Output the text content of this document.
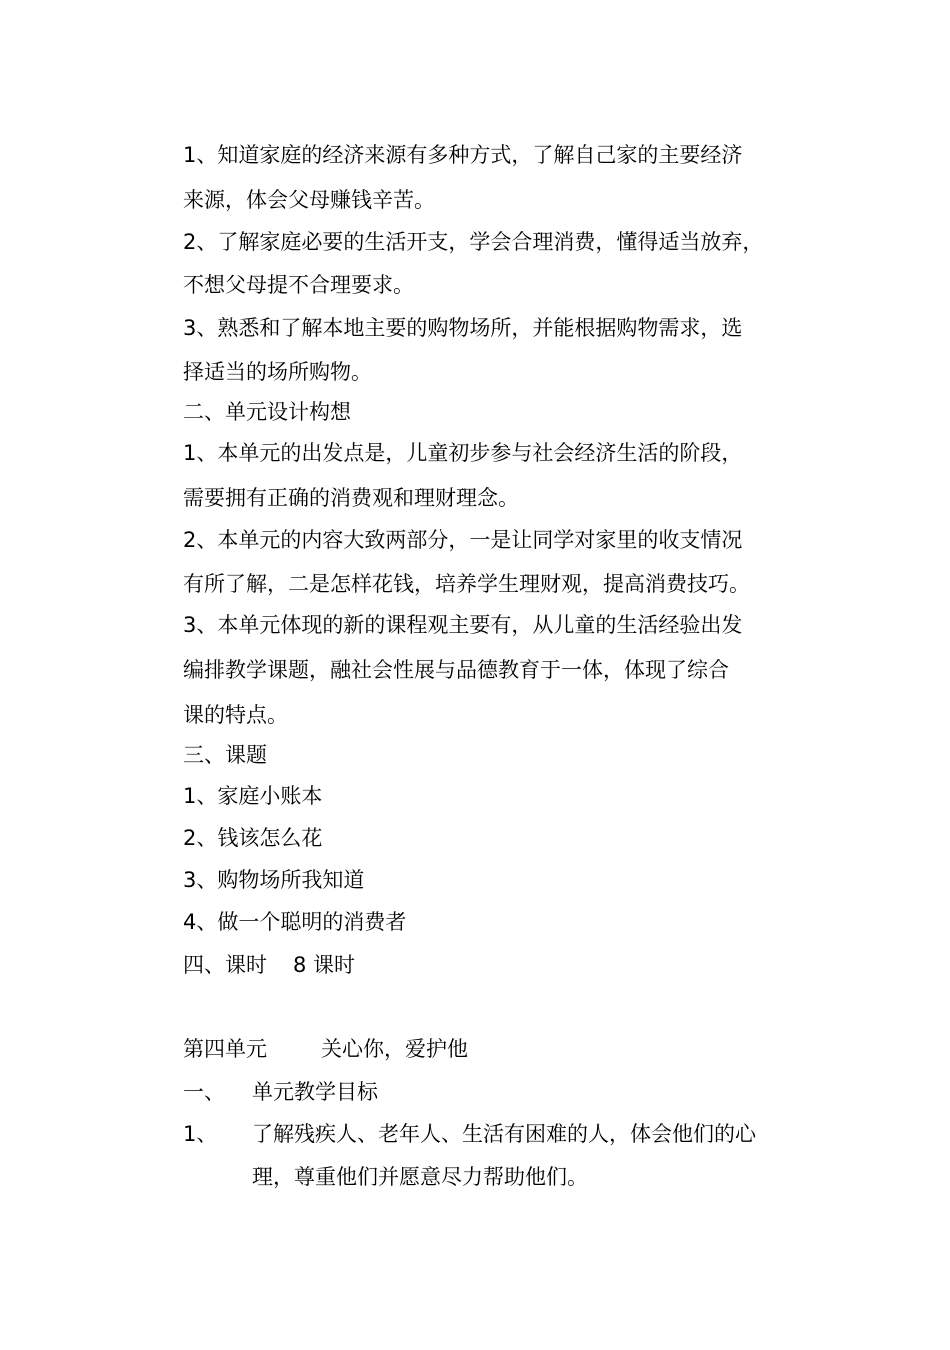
1、知道家庭的经济来源有多种方式，了解自己家的主要经济
来源，体会父母赚钱辛苦。
2、了解家庭必要的生活开支，学会合理消费，懂得适当放弃，
不想父母提不合理要求。
3、熟悉和了解本地主要的购物场所，并能根据购物需求，选
择适当的场所购物。
二、单元设计构想
1、本单元的出发点是，儿童初步参与社会经济生活的阶段，
需要拥有正确的消费观和理财理念。
2、本单元的内容大致两部分，一是让同学对家里的收支情况
有所了解，二是怎样花钱，培养学生理财观，提高消费技巧。
3、本单元体现的新的课程观主要有，从儿童的生活经验出发
编排教学课题，融社会性展与品德教育于一体，体现了综合
课的特点。
三、课题
1、家庭小账本
2、钱该怎么花
3、购物场所我知道
4、做一个聪明的消费者
四、课时 8 课时
第四单元	关心你，爱护他
一、	单元教学目标
1、	了解残疾人、老年人、生活有困难的人，体会他们的心
理，尊重他们并愿意尽力帮助他们。
